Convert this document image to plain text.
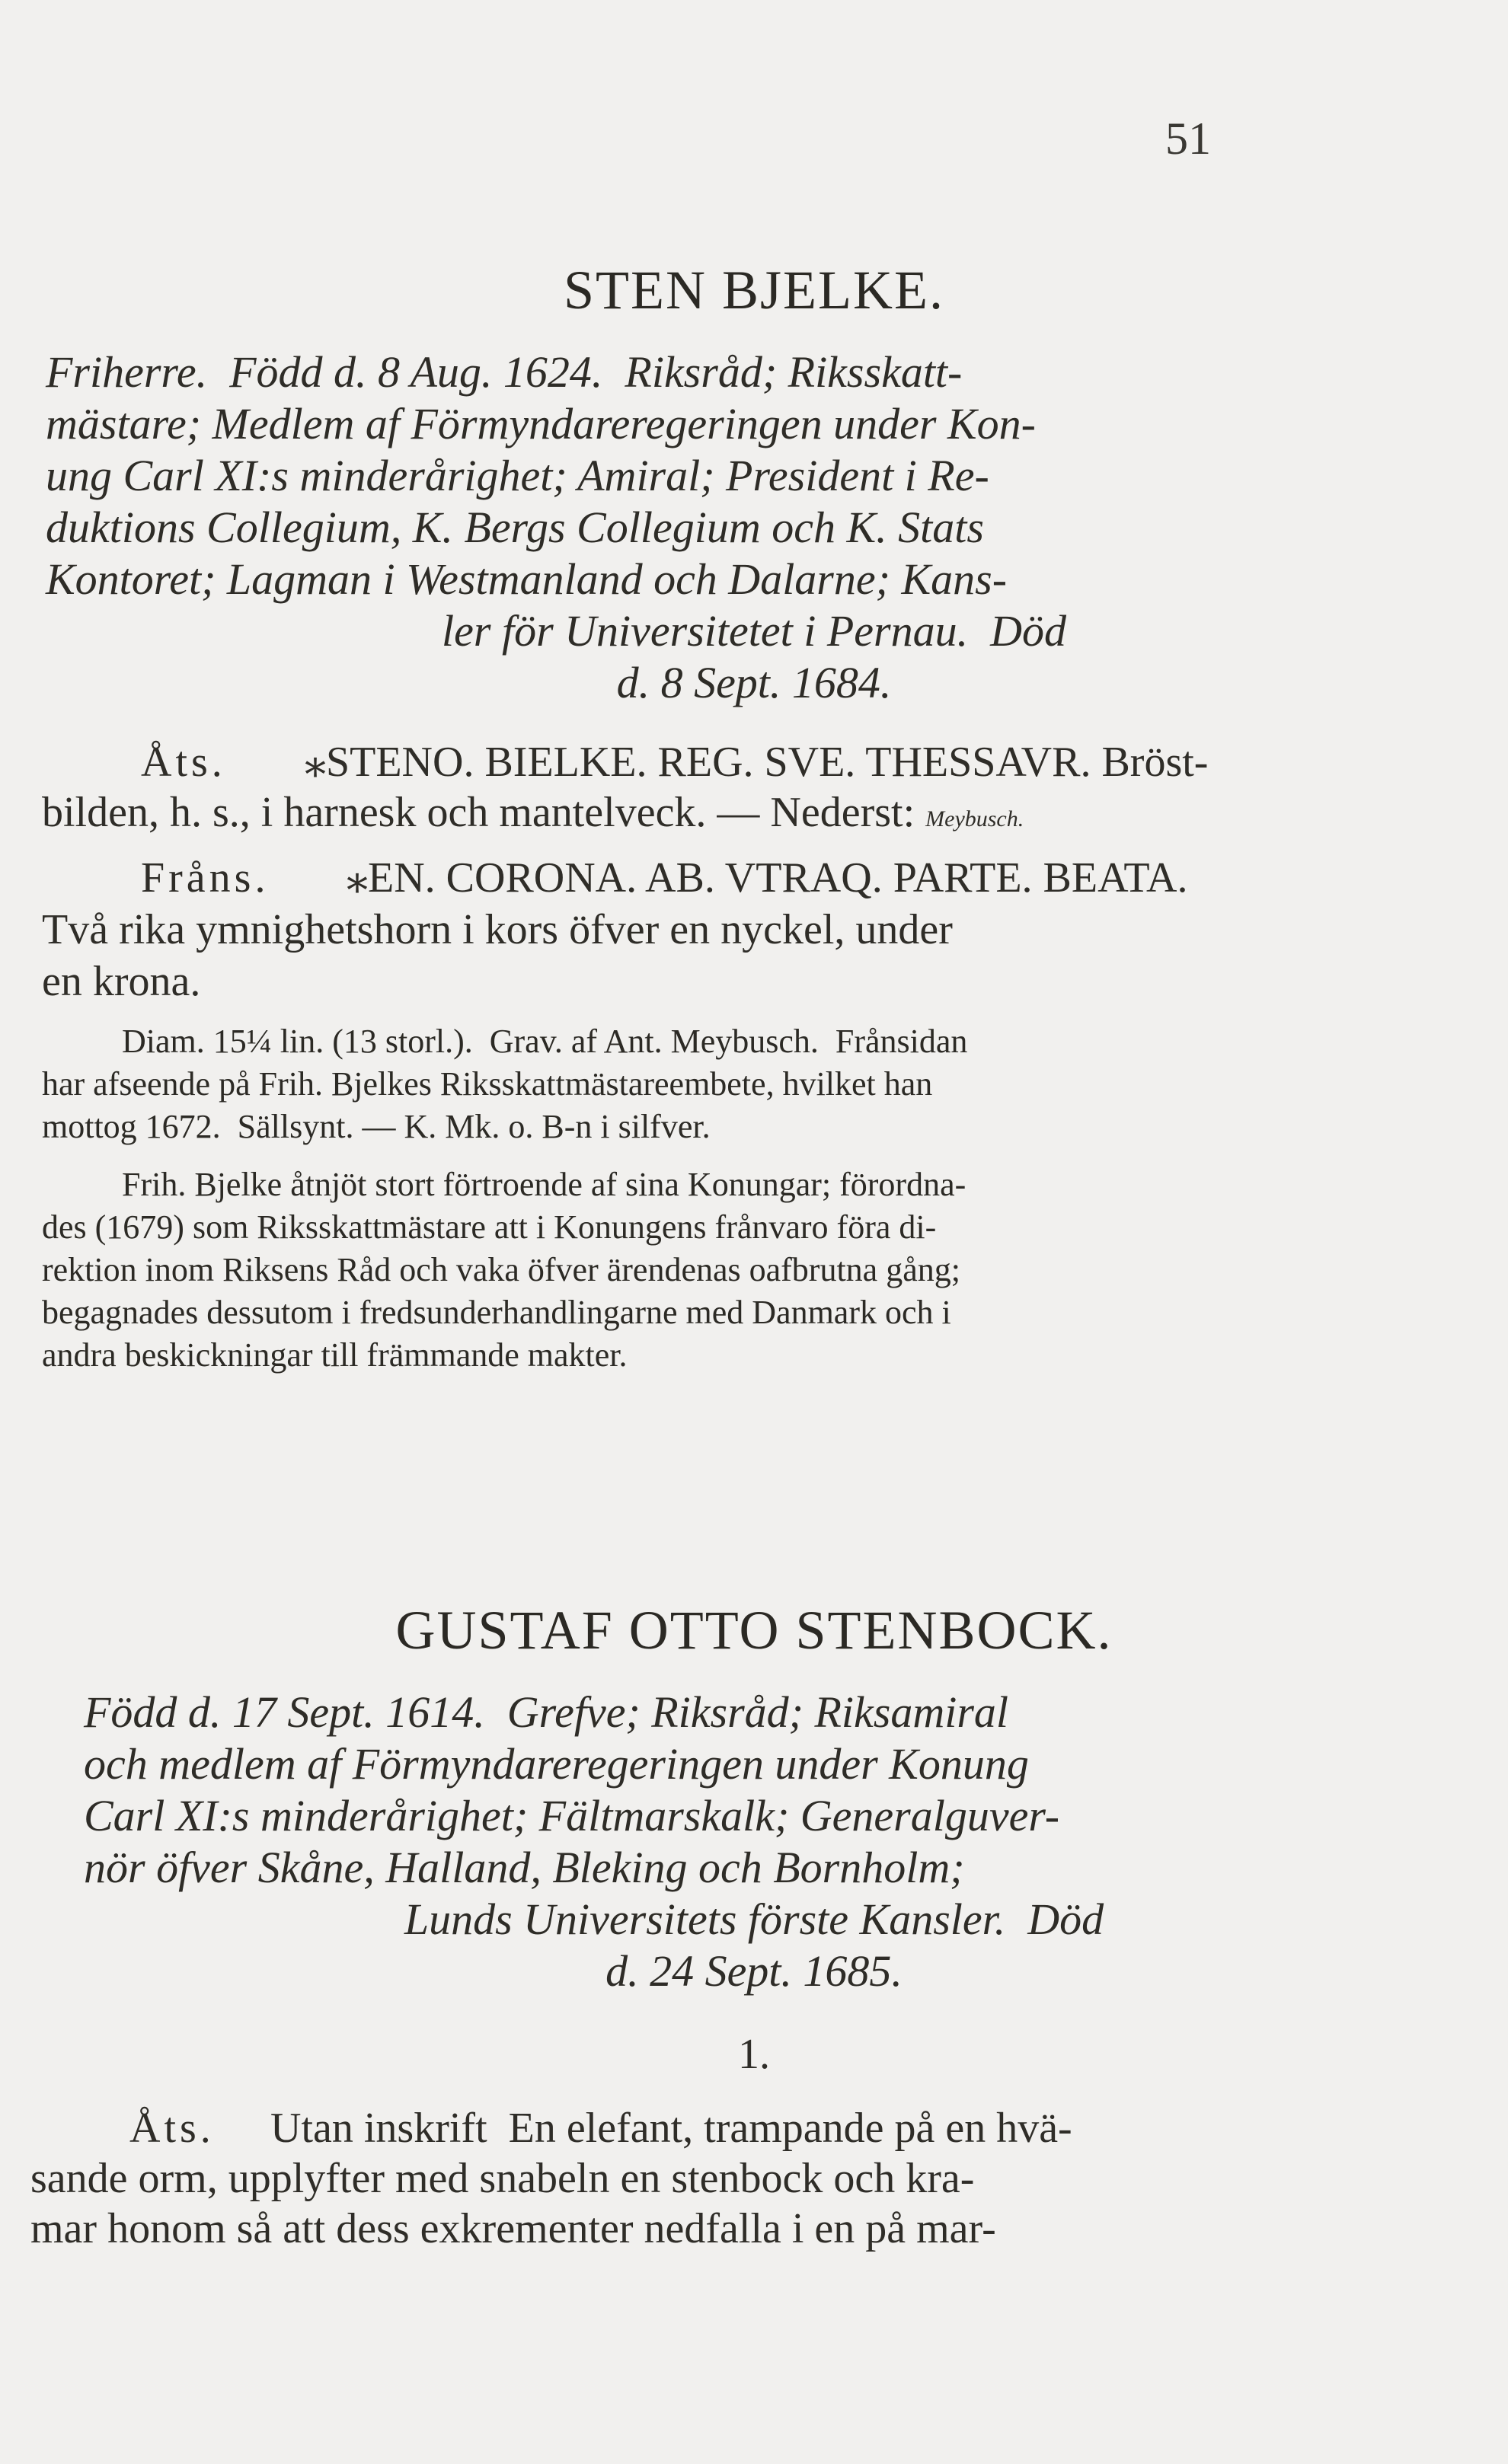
51
STEN BJELKE.
Friherre.  Född d. 8 Aug. 1624.  Riksråd; Riksskatt-
mästare; Medlem af Förmyndareregeringen under Kon-
ung Carl XI:s minderårighet; Amiral; President i Re-
duktions Collegium, K. Bergs Collegium och K. Stats
Kontoret; Lagman i Westmanland och Dalarne; Kans-
ler för Universitetet i Pernau.  Död
d. 8 Sept. 1684.
Åts. ⁎STENO. BIELKE. REG. SVE. THESSAVR. Bröst-
bilden, h. s., i harnesk och mantelveck. — Nederst: Meybusch.
Fråns. ⁎EN. CORONA. AB. VTRAQ. PARTE. BEATA.
Två rika ymnighetshorn i kors öfver en nyckel, under
en krona.
Diam. 15¼ lin. (13 storl.).  Grav. af Ant. Meybusch.  Frånsidan
har afseende på Frih. Bjelkes Riksskattmästareembete, hvilket han
mottog 1672.  Sällsynt. — K. Mk. o. B-n i silfver.
Frih. Bjelke åtnjöt stort förtroende af sina Konungar; förordna-
des (1679) som Riksskattmästare att i Konungens frånvaro föra di-
rektion inom Riksens Råd och vaka öfver ärendenas oafbrutna gång;
begagnades dessutom i fredsunderhandlingarne med Danmark och i
andra beskickningar till främmande makter.
GUSTAF OTTO STENBOCK.
Född d. 17 Sept. 1614.  Grefve; Riksråd; Riksamiral
och medlem af Förmyndareregeringen under Konung
Carl XI:s minderårighet; Fältmarskalk; Generalguver-
nör öfver Skåne, Halland, Bleking och Bornholm;
Lunds Universitets förste Kansler.  Död
d. 24 Sept. 1685.
1.
Åts. Utan inskrift  En elefant, trampande på en hvä-
sande orm, upplyfter med snabeln en stenbock och kra-
mar honom så att dess exkrementer nedfalla i en på mar-
